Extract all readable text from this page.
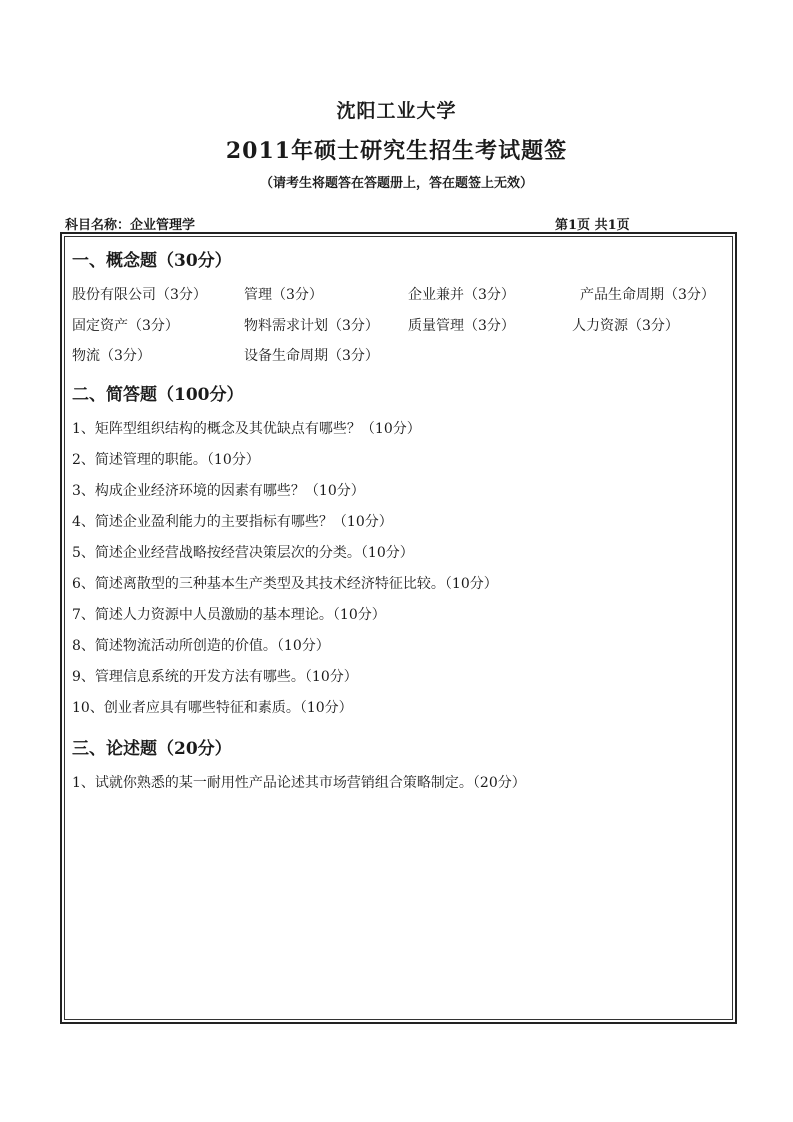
沈阳工业大学
2011年硕士研究生招生考试题签
（请考生将题答在答题册上，答在题签上无效）
科目名称：企业管理学	第1页 共1页
一、概念题（30分）
股份有限公司（3分）	管理（3分）	企业兼并（3分）	产品生命周期（3分）
固定资产（3分）	物料需求计划（3分） 质量管理（3分）	人力资源（3分）
物流（3分）	设备生命周期（3分）
二、简答题（100分）
1、矩阵型组织结构的概念及其优缺点有哪些？（10分）
2、简述管理的职能。（10分）
3、构成企业经济环境的因素有哪些？（10分）
4、简述企业盈利能力的主要指标有哪些？（10分）
5、简述企业经营战略按经营决策层次的分类。（10分）
6、简述离散型的三种基本生产类型及其技术经济特征比较。（10分）
7、简述人力资源中人员激励的基本理论。（10分）
8、简述物流活动所创造的价值。（10分）
9、管理信息系统的开发方法有哪些。（10分）
10、创业者应具有哪些特征和素质。（10分）
三、论述题（20分）
1、试就你熟悉的某一耐用性产品论述其市场营销组合策略制定。（20分）
